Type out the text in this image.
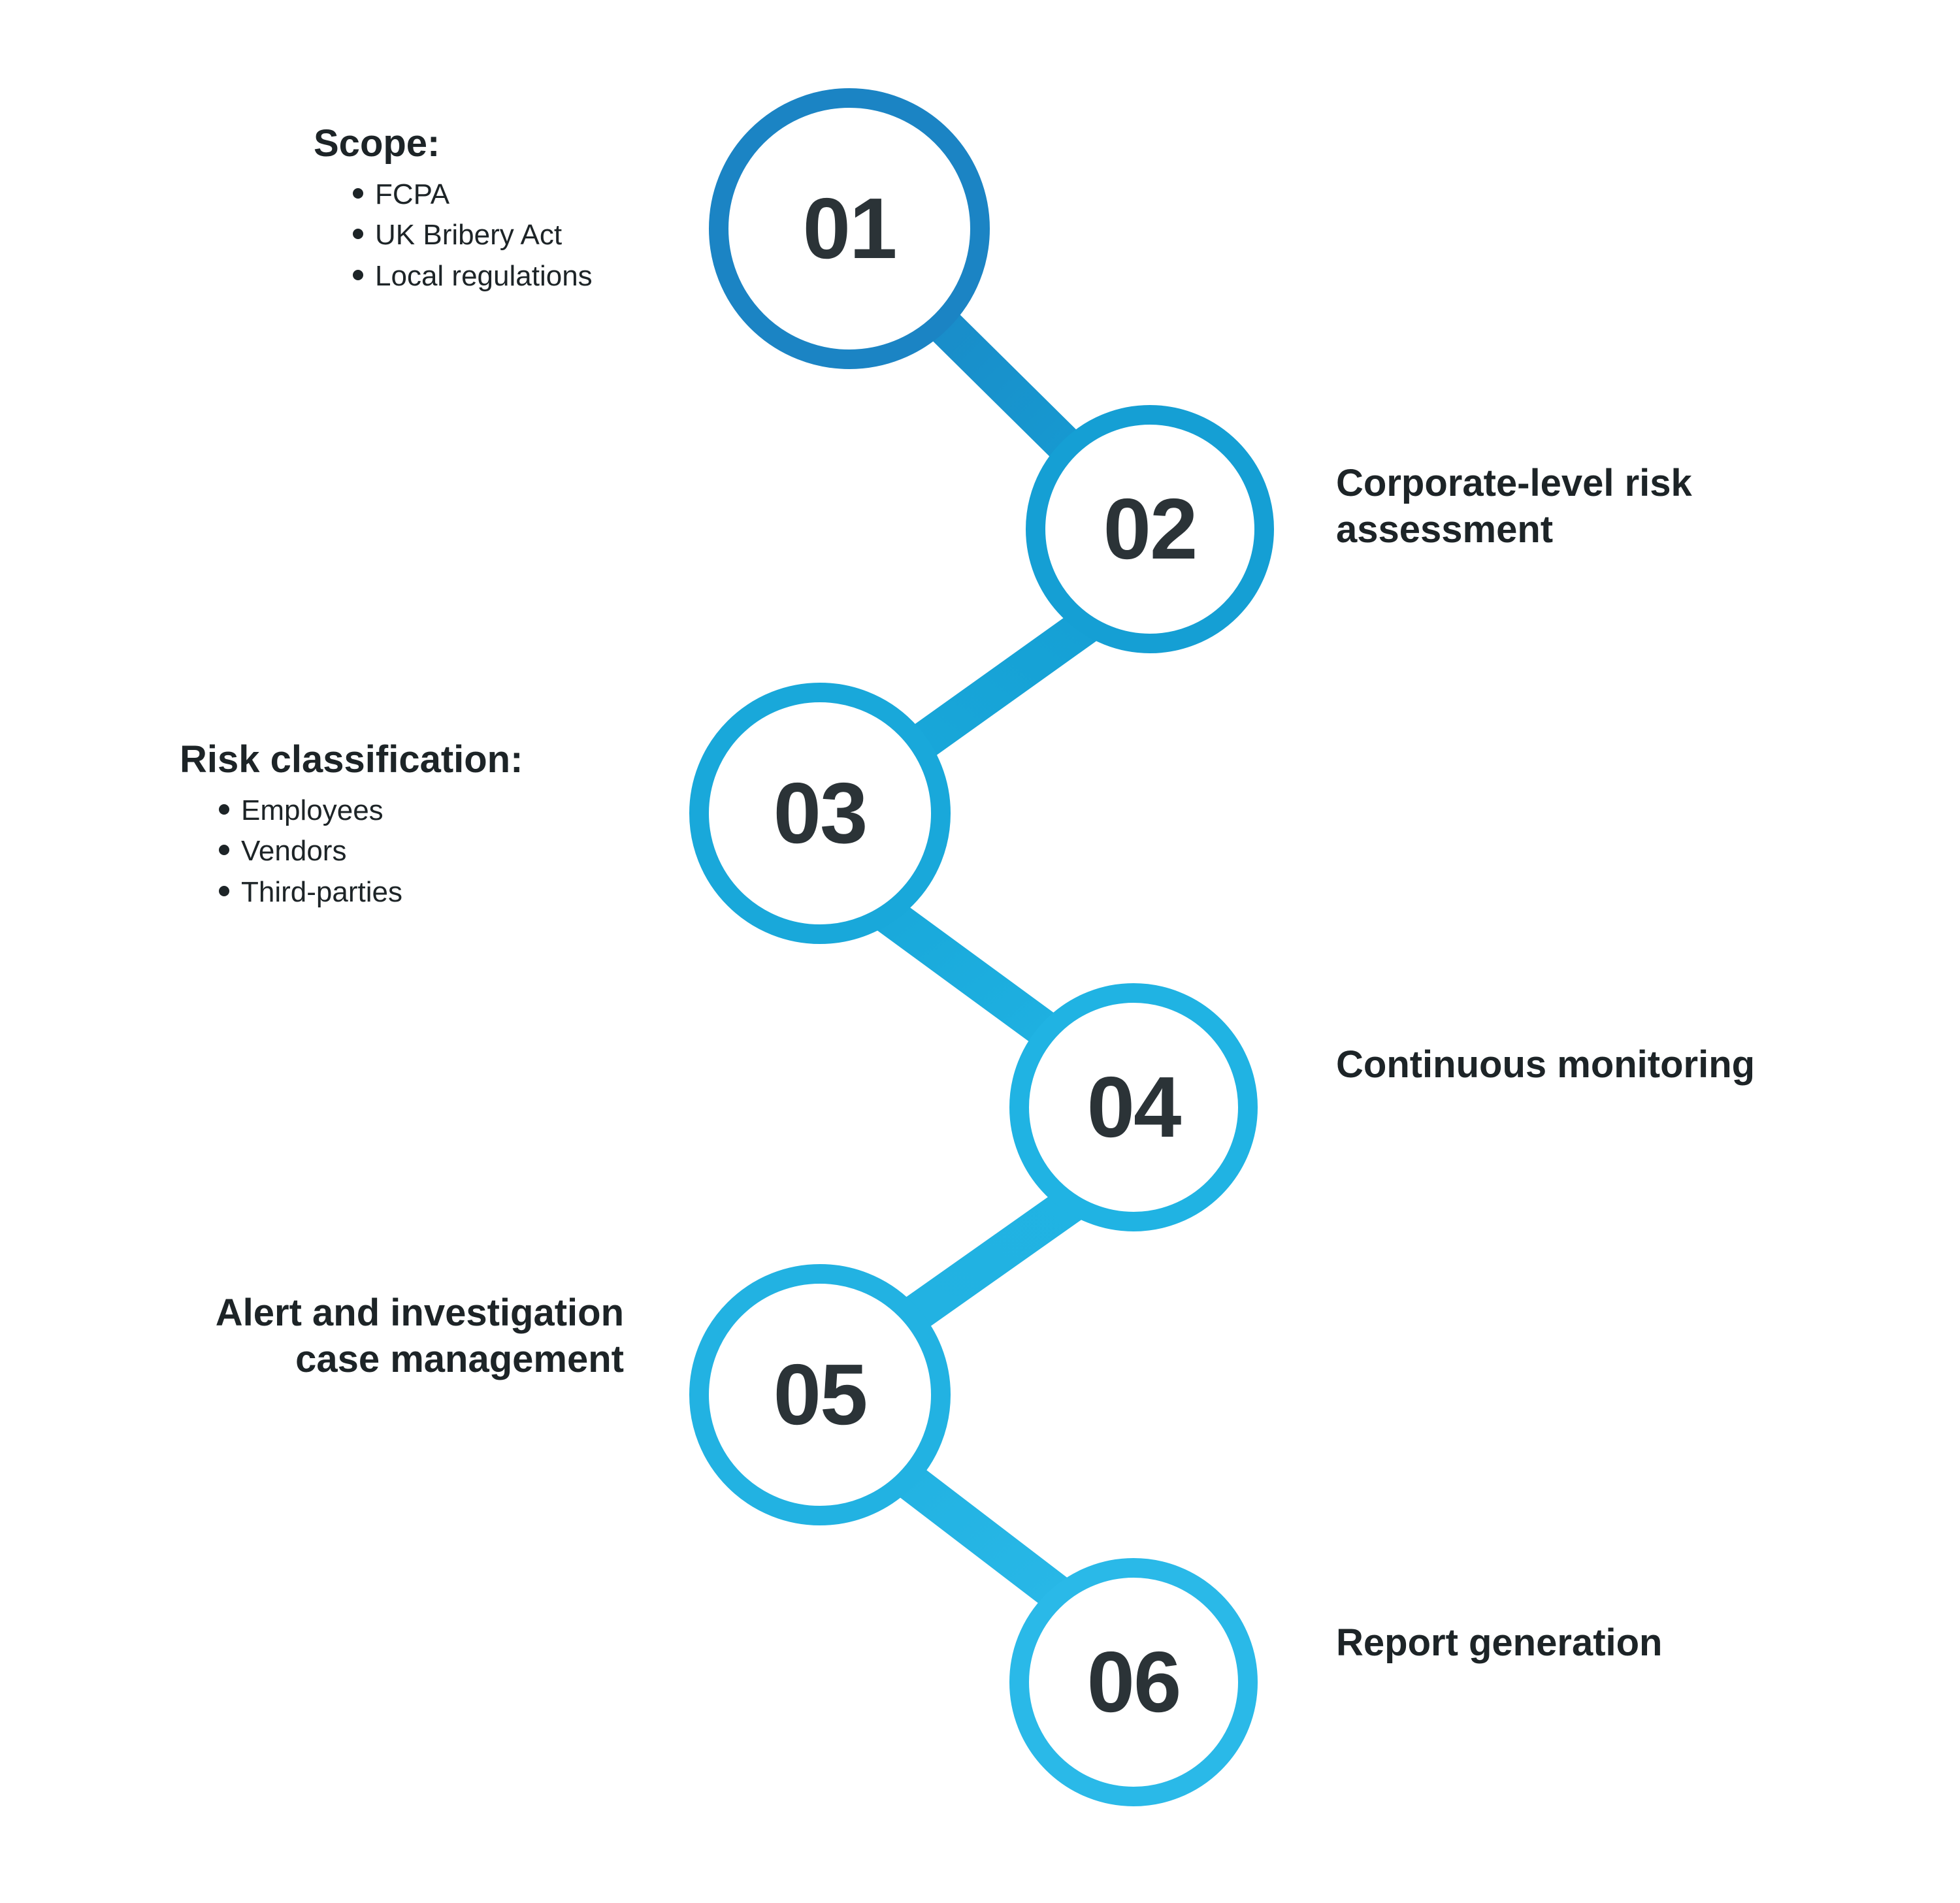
01
02
03
04
05
06
Scope:
FCPA
UK Bribery Act
Local regulations
Corporate-level risk assessment
Risk classification:
Employees
Vendors
Third-parties
Continuous monitoring
Alert and investigation case management
Report generation
